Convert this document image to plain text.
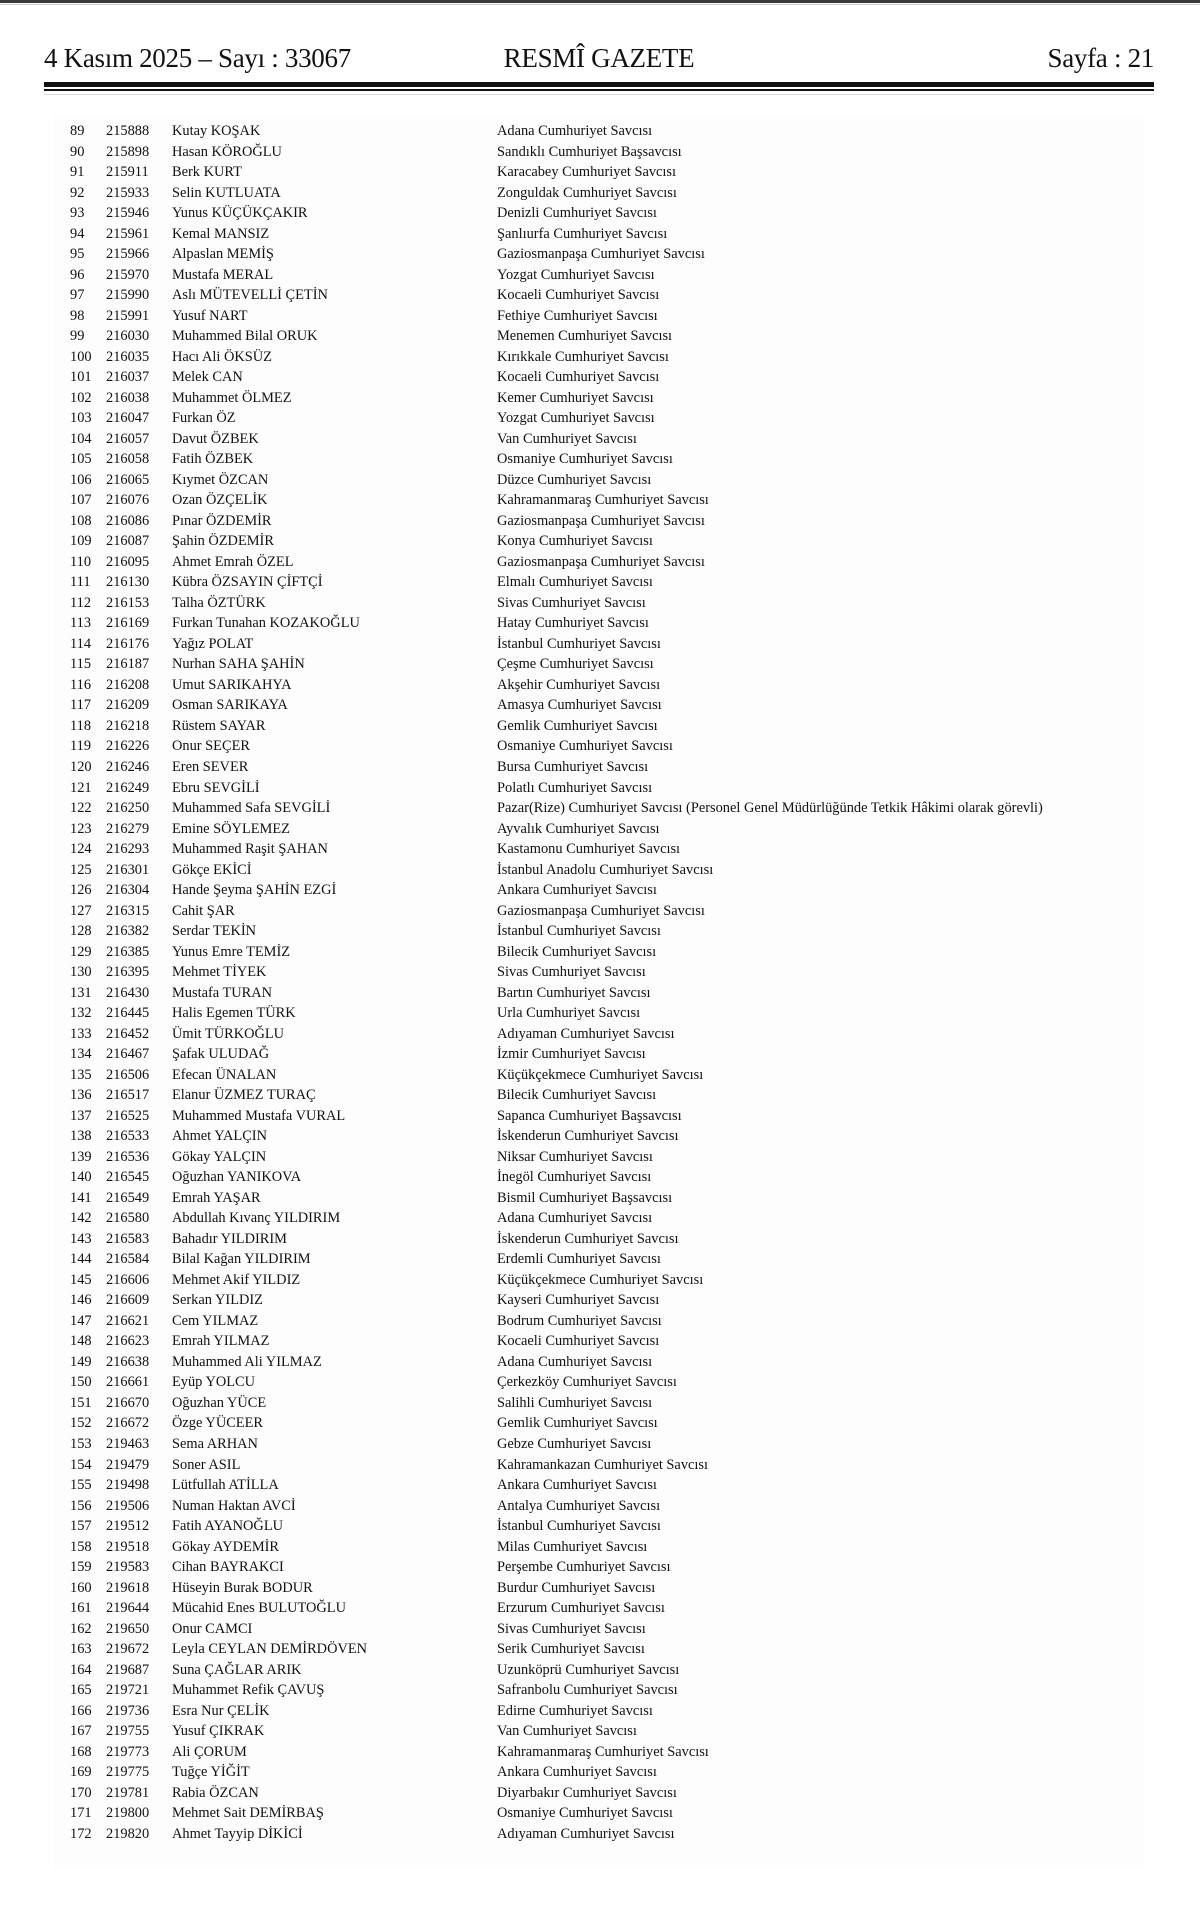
4 Kasım 2025 – Sayı : 33067	RESMÎ GAZETE	Sayfa : 21
89	215888 Kutay KOŞAK	Adana Cumhuriyet Savcısı
90	215898 Hasan KÖROĞLU	Sandıklı Cumhuriyet Başsavcısı
91	215911 Berk KURT	Karacabey Cumhuriyet Savcısı
92	215933 Selin KUTLUATA	Zonguldak Cumhuriyet Savcısı
93	215946 Yunus KÜÇÜKÇAKIR	Denizli Cumhuriyet Savcısı
94	215961 Kemal MANSIZ	Şanlıurfa Cumhuriyet Savcısı
95	215966 Alpaslan MEMİŞ	Gaziosmanpaşa Cumhuriyet Savcısı
96	215970 Mustafa MERAL	Yozgat Cumhuriyet Savcısı
97	215990 Aslı MÜTEVELLİ ÇETİN	Kocaeli Cumhuriyet Savcısı
98	215991 Yusuf NART	Fethiye Cumhuriyet Savcısı
99	216030 Muhammed Bilal ORUK	Menemen Cumhuriyet Savcısı
100	216035 Hacı Ali ÖKSÜZ	Kırıkkale Cumhuriyet Savcısı
101	216037 Melek CAN	Kocaeli Cumhuriyet Savcısı
102	216038 Muhammet ÖLMEZ	Kemer Cumhuriyet Savcısı
103	216047 Furkan ÖZ	Yozgat Cumhuriyet Savcısı
104	216057 Davut ÖZBEK	Van Cumhuriyet Savcısı
105	216058 Fatih ÖZBEK	Osmaniye Cumhuriyet Savcısı
106	216065 Kıymet ÖZCAN	Düzce Cumhuriyet Savcısı
107	216076 Ozan ÖZÇELİK	Kahramanmaraş Cumhuriyet Savcısı
108	216086 Pınar ÖZDEMİR	Gaziosmanpaşa Cumhuriyet Savcısı
109	216087 Şahin ÖZDEMİR	Konya Cumhuriyet Savcısı
110	216095 Ahmet Emrah ÖZEL	Gaziosmanpaşa Cumhuriyet Savcısı
111	216130 Kübra ÖZSAYIN ÇİFTÇİ	Elmalı Cumhuriyet Savcısı
112	216153 Talha ÖZTÜRK	Sivas Cumhuriyet Savcısı
113	216169 Furkan Tunahan KOZAKOĞLU	Hatay Cumhuriyet Savcısı
114	216176 Yağız POLAT	İstanbul Cumhuriyet Savcısı
115	216187 Nurhan SAHA ŞAHİN	Çeşme Cumhuriyet Savcısı
116	216208 Umut SARIKAHYA	Akşehir Cumhuriyet Savcısı
117	216209 Osman SARIKAYA	Amasya Cumhuriyet Savcısı
118	216218 Rüstem SAYAR	Gemlik Cumhuriyet Savcısı
119	216226 Onur SEÇER	Osmaniye Cumhuriyet Savcısı
120	216246 Eren SEVER	Bursa Cumhuriyet Savcısı
121	216249 Ebru SEVGİLİ	Polatlı Cumhuriyet Savcısı
122	216250 Muhammed Safa SEVGİLİ	Pazar(Rize) Cumhuriyet Savcısı (Personel Genel Müdürlüğünde Tetkik Hâkimi olarak görevli)
123	216279 Emine SÖYLEMEZ	Ayvalık Cumhuriyet Savcısı
124	216293 Muhammed Raşit ŞAHAN	Kastamonu Cumhuriyet Savcısı
125	216301 Gökçe EKİCİ	İstanbul Anadolu Cumhuriyet Savcısı
126	216304 Hande Şeyma ŞAHİN EZGİ	Ankara Cumhuriyet Savcısı
127	216315 Cahit ŞAR	Gaziosmanpaşa Cumhuriyet Savcısı
128	216382 Serdar TEKİN	İstanbul Cumhuriyet Savcısı
129	216385 Yunus Emre TEMİZ	Bilecik Cumhuriyet Savcısı
130	216395 Mehmet TİYEK	Sivas Cumhuriyet Savcısı
131	216430 Mustafa TURAN	Bartın Cumhuriyet Savcısı
132	216445 Halis Egemen TÜRK	Urla Cumhuriyet Savcısı
133	216452 Ümit TÜRKOĞLU	Adıyaman Cumhuriyet Savcısı
134	216467 Şafak ULUDAĞ	İzmir Cumhuriyet Savcısı
135	216506 Efecan ÜNALAN	Küçükçekmece Cumhuriyet Savcısı
136	216517 Elanur ÜZMEZ TURAÇ	Bilecik Cumhuriyet Savcısı
137	216525 Muhammed Mustafa VURAL	Sapanca Cumhuriyet Başsavcısı
138	216533 Ahmet YALÇIN	İskenderun Cumhuriyet Savcısı
139	216536 Gökay YALÇIN	Niksar Cumhuriyet Savcısı
140	216545 Oğuzhan YANIKOVA	İnegöl Cumhuriyet Savcısı
141	216549 Emrah YAŞAR	Bismil Cumhuriyet Başsavcısı
142	216580 Abdullah Kıvanç YILDIRIM	Adana Cumhuriyet Savcısı
143	216583 Bahadır YILDIRIM	İskenderun Cumhuriyet Savcısı
144	216584 Bilal Kağan YILDIRIM	Erdemli Cumhuriyet Savcısı
145	216606 Mehmet Akif YILDIZ	Küçükçekmece Cumhuriyet Savcısı
146	216609 Serkan YILDIZ	Kayseri Cumhuriyet Savcısı
147	216621 Cem YILMAZ	Bodrum Cumhuriyet Savcısı
148	216623 Emrah YILMAZ	Kocaeli Cumhuriyet Savcısı
149	216638 Muhammed Ali YILMAZ	Adana Cumhuriyet Savcısı
150	216661 Eyüp YOLCU	Çerkezköy Cumhuriyet Savcısı
151	216670 Oğuzhan YÜCE	Salihli Cumhuriyet Savcısı
152	216672 Özge YÜCEER	Gemlik Cumhuriyet Savcısı
153	219463 Sema ARHAN	Gebze Cumhuriyet Savcısı
154	219479 Soner ASIL	Kahramankazan Cumhuriyet Savcısı
155	219498 Lütfullah ATİLLA	Ankara Cumhuriyet Savcısı
156	219506 Numan Haktan AVCİ	Antalya Cumhuriyet Savcısı
157	219512 Fatih AYANOĞLU	İstanbul Cumhuriyet Savcısı
158	219518 Gökay AYDEMİR	Milas Cumhuriyet Savcısı
159	219583 Cihan BAYRAKCI	Perşembe Cumhuriyet Savcısı
160	219618 Hüseyin Burak BODUR	Burdur Cumhuriyet Savcısı
161	219644 Mücahid Enes BULUTOĞLU	Erzurum Cumhuriyet Savcısı
162	219650 Onur CAMCI	Sivas Cumhuriyet Savcısı
163	219672 Leyla CEYLAN DEMİRDÖVEN	Serik Cumhuriyet Savcısı
164	219687 Suna ÇAĞLAR ARIK	Uzunköprü Cumhuriyet Savcısı
165	219721 Muhammet Refik ÇAVUŞ	Safranbolu Cumhuriyet Savcısı
166	219736 Esra Nur ÇELİK	Edirne Cumhuriyet Savcısı
167	219755 Yusuf ÇIKRAK	Van Cumhuriyet Savcısı
168	219773 Ali ÇORUM	Kahramanmaraş Cumhuriyet Savcısı
169	219775 Tuğçe YİĞİT	Ankara Cumhuriyet Savcısı
170	219781 Rabia ÖZCAN	Diyarbakır Cumhuriyet Savcısı
171	219800 Mehmet Sait DEMİRBAŞ	Osmaniye Cumhuriyet Savcısı
172	219820 Ahmet Tayyip DİKİCİ	Adıyaman Cumhuriyet Savcısı
